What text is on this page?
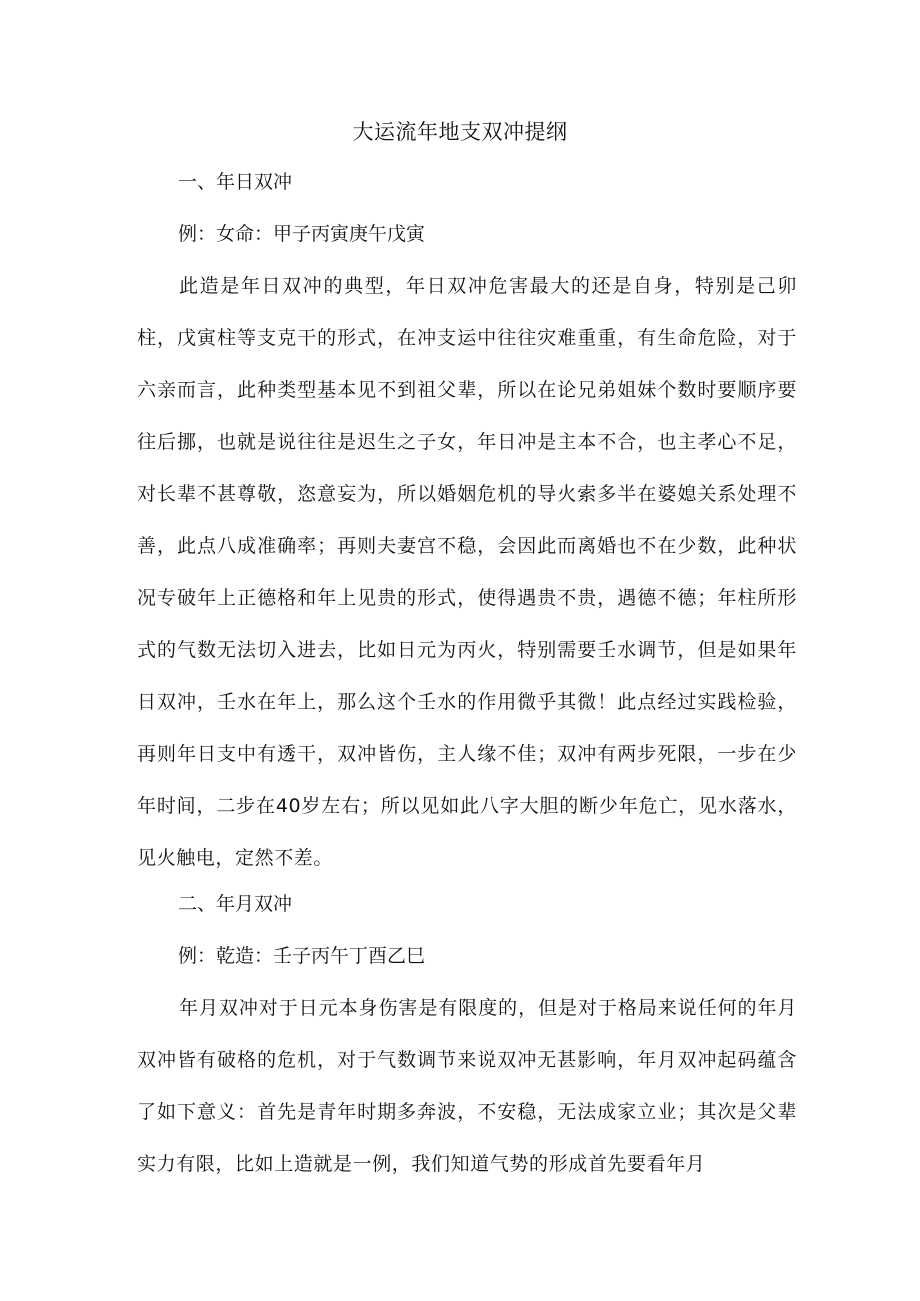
大运流年地支双冲提纲
一、年日双冲
例：女命：甲子丙寅庚午戊寅

此造是年日双冲的典型，年日双冲危害最大的还是自身，特别是己卯柱，戊寅柱等支克干的形式，在冲支运中往往灾难重重，有生命危险，对于六亲而言，此种类型基本见不到祖父辈，所以在论兄弟姐妹个数时要顺序要往后挪，也就是说往往是迟生之子女，年日冲是主本不合，也主孝心不足，对长辈不甚尊敬，恣意妄为，所以婚姻危机的导火索多半在婆媳关系处理不善，此点八成准确率；再则夫妻宫不稳，会因此而离婚也不在少数，此种状况专破年上正德格和年上见贵的形式，使得遇贵不贵，遇德不德；年柱所形式的气数无法切入进去，比如日元为丙火，特别需要壬水调节，但是如果年日双冲，壬水在年上，那么这个壬水的作用微乎其微！此点经过实践检验，再则年日支中有透干，双冲皆伤，主人缘不佳；双冲有两步死限，一步在少年时间，二步在40岁左右；所以见如此八字大胆的断少年危亡，见水落水，见火触电，定然不差。

二、年月双冲
例：乾造：壬子丙午丁酉乙巳

年月双冲对于日元本身伤害是有限度的，但是对于格局来说任何的年月双冲皆有破格的危机，对于气数调节来说双冲无甚影响，年月双冲起码蕴含了如下意义：首先是青年时期多奔波，不安稳，无法成家立业；其次是父辈实力有限，比如上造就是一例，我们知道气势的形成首先要看年月
